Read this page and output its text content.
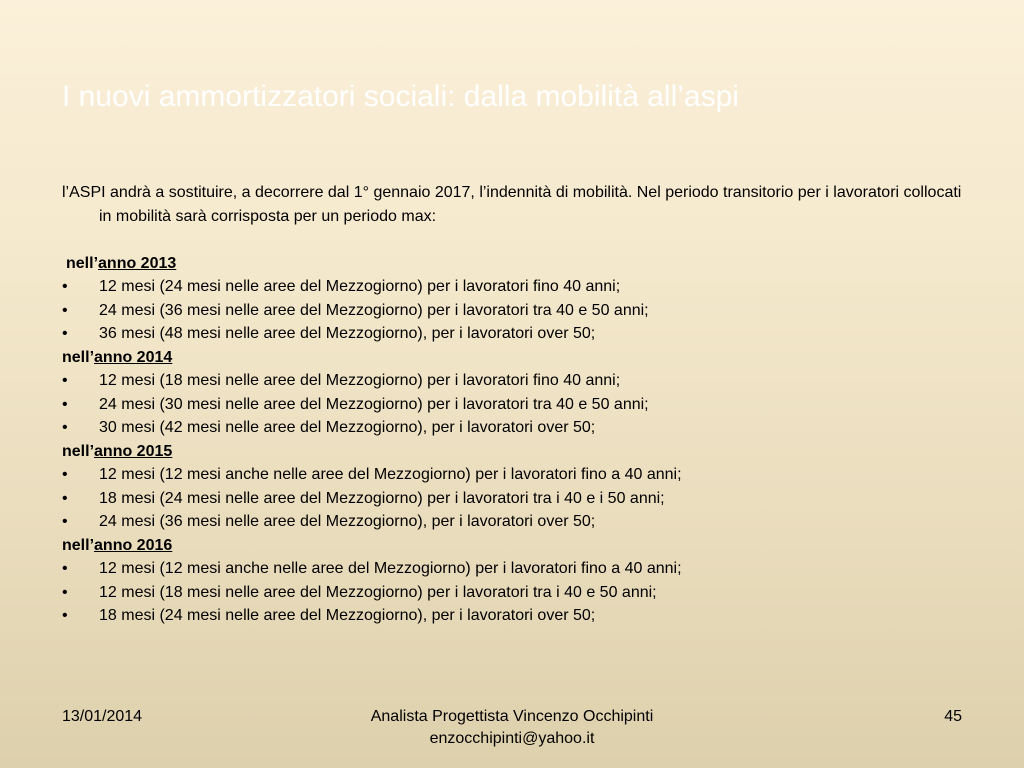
I nuovi ammortizzatori sociali: dalla mobilità all’aspi

l’ASPI andrà a sostituire, a decorrere dal 1° gennaio 2017, l’indennità di mobilità. Nel periodo transitorio per i lavoratori collocati in mobilità sarà corrisposta per un periodo max:

nell’anno 2013
•	12 mesi (24 mesi nelle aree del Mezzogiorno) per i lavoratori fino 40 anni;
•	24 mesi (36 mesi nelle aree del Mezzogiorno) per i lavoratori tra 40 e 50 anni;
•	36 mesi (48 mesi nelle aree del Mezzogiorno), per i lavoratori over 50;
nell’anno 2014
•	12 mesi (18 mesi nelle aree del Mezzogiorno) per i lavoratori fino 40 anni;
•	24 mesi (30 mesi nelle aree del Mezzogiorno) per i lavoratori tra 40 e 50 anni;
•	30 mesi (42 mesi nelle aree del Mezzogiorno), per i lavoratori over 50;
nell’anno 2015
•	12 mesi (12 mesi anche nelle aree del Mezzogiorno) per i lavoratori fino a 40 anni;
•	18 mesi (24 mesi nelle aree del Mezzogiorno) per i lavoratori tra i 40 e i 50 anni;
•	24 mesi (36 mesi nelle aree del Mezzogiorno), per i lavoratori over 50;
nell’anno 2016
•	12 mesi (12 mesi anche nelle aree del Mezzogiorno) per i lavoratori fino a 40 anni;
•	12 mesi (18 mesi nelle aree del Mezzogiorno) per i lavoratori tra i 40 e 50 anni;
•	18 mesi (24 mesi nelle aree del Mezzogiorno), per i lavoratori over 50;
13/01/2014	Analista Progettista Vincenzo Occhipinti
enzocchipinti@yahoo.it
45
